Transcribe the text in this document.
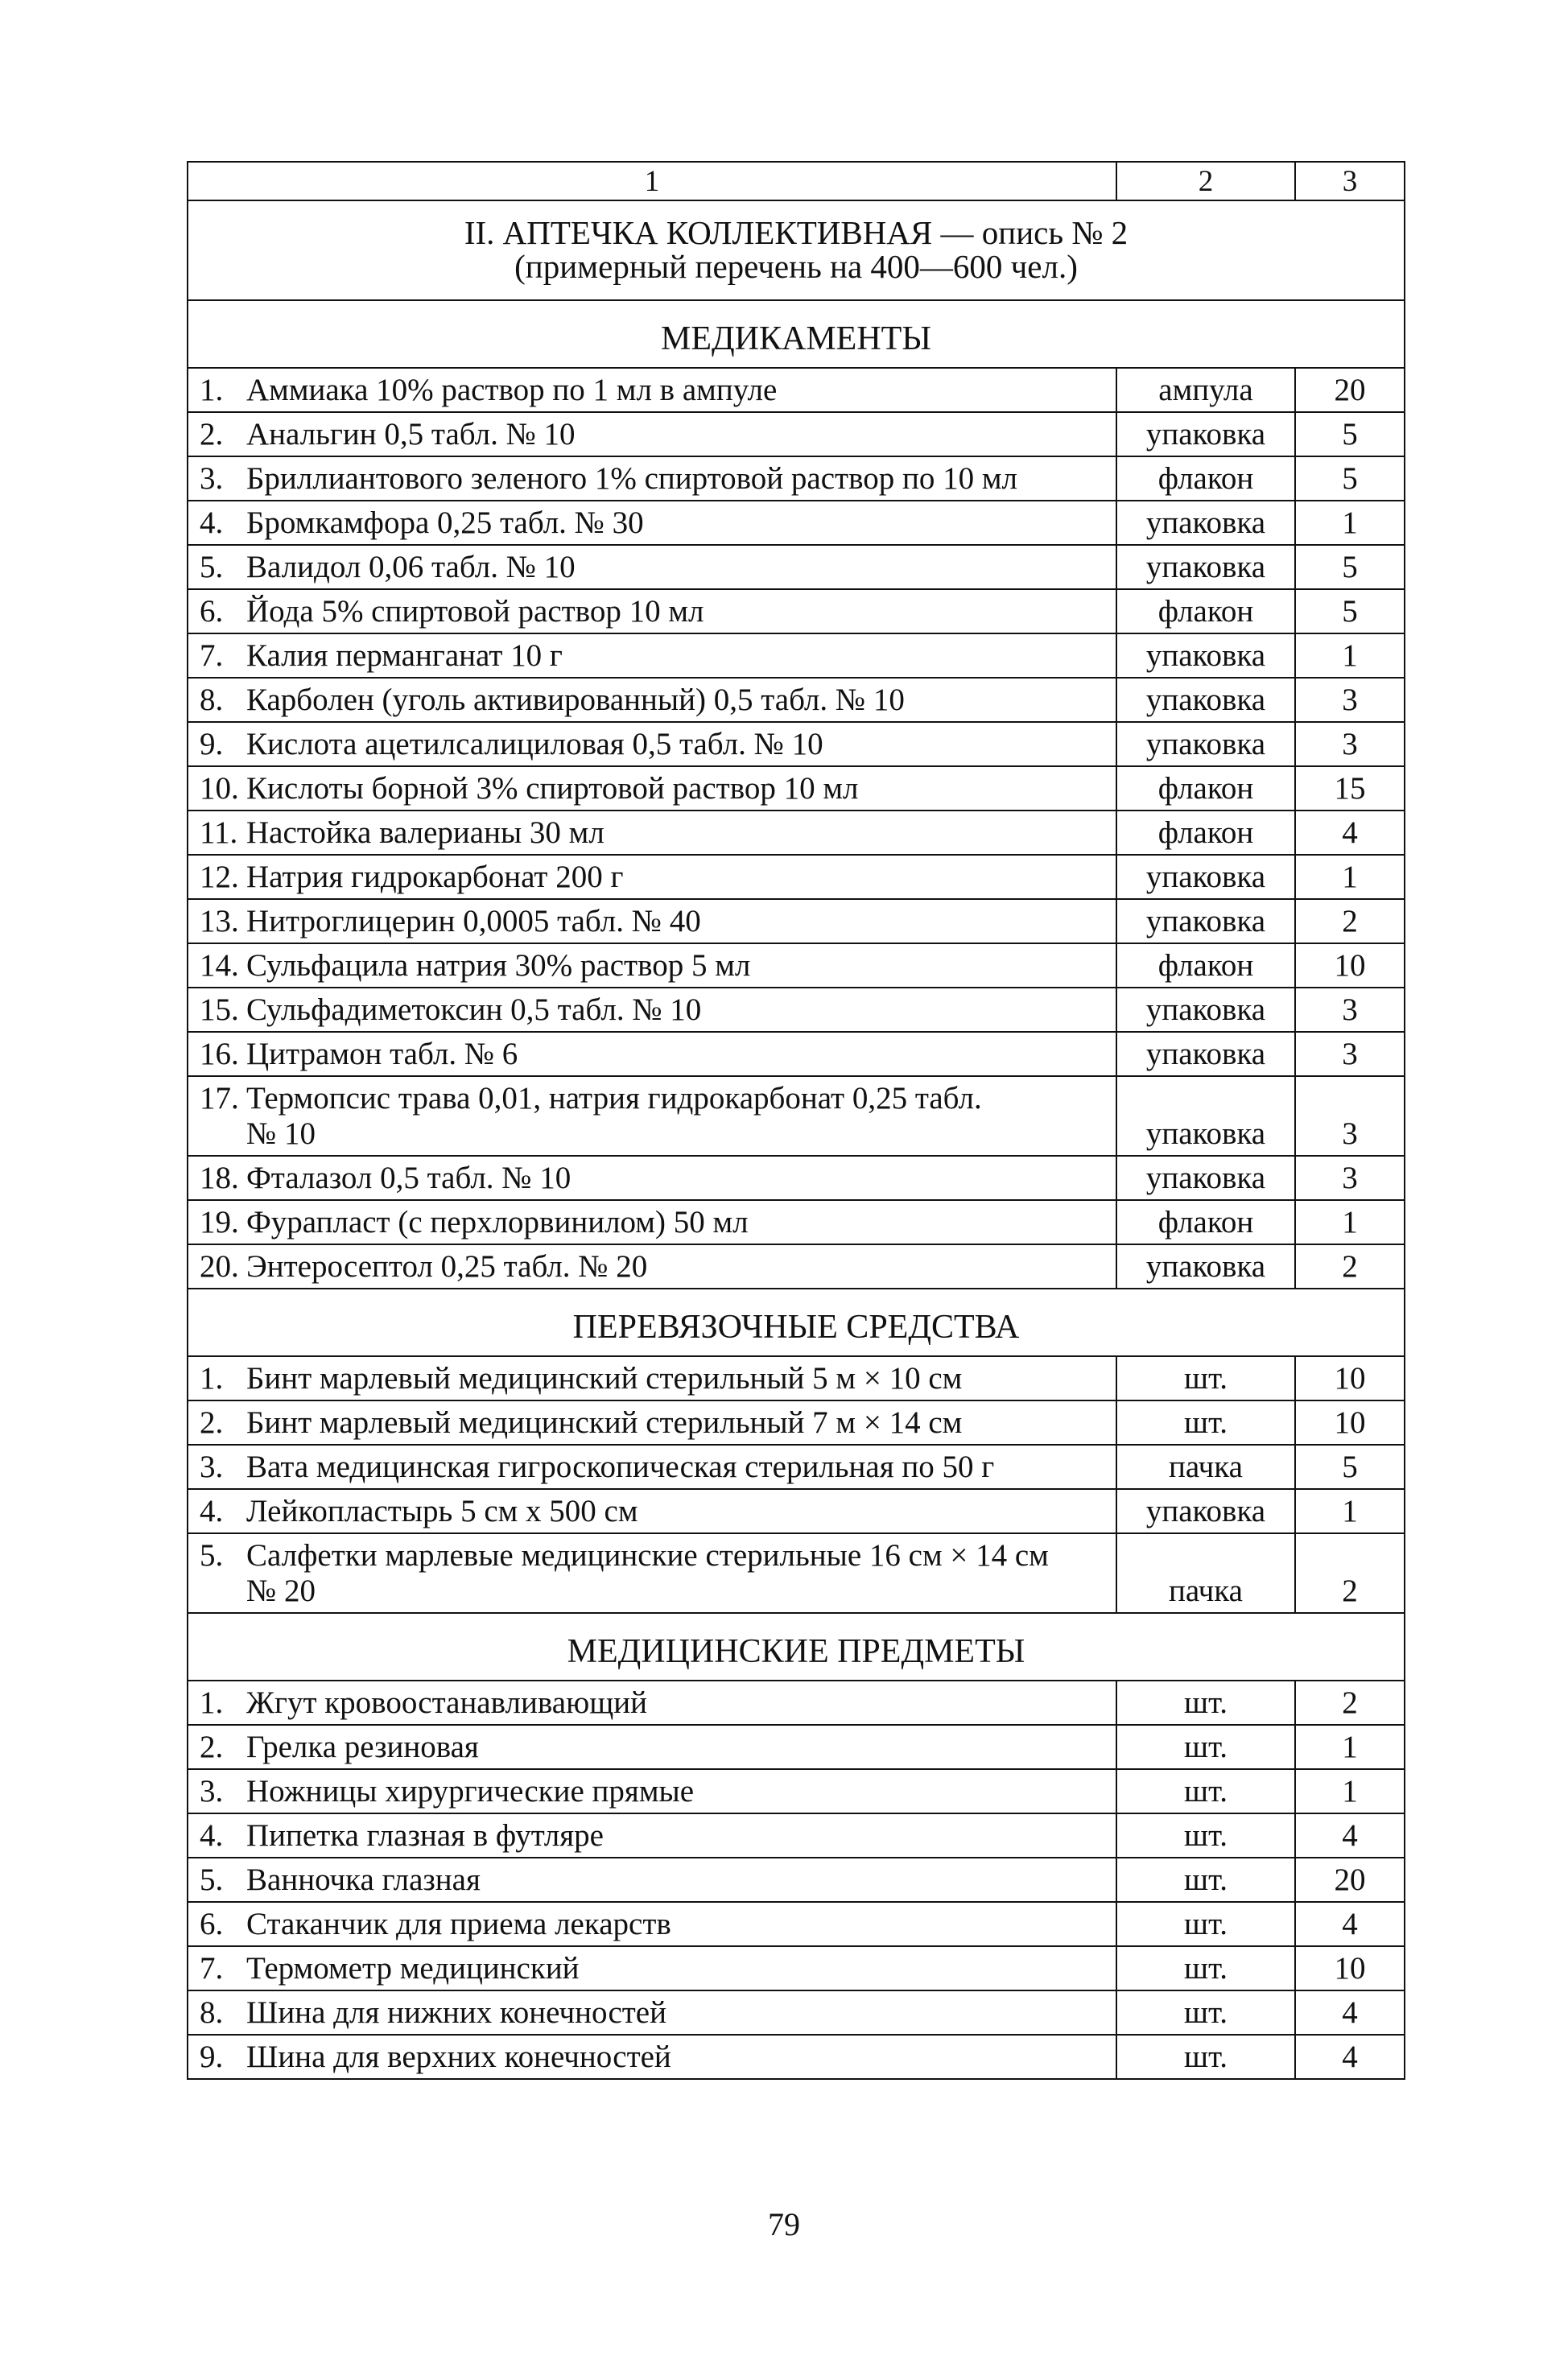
1	2	3

II. АПТЕЧКА КОЛЛЕКТИВНАЯ — опись № 2
(примерный перечень на 400—600 чел.)		

МЕДИКАМЕНТЫ		
1. Аммиака 10% раствор по 1 мл в ампуле	ампула	20
2. Анальгин 0,5 табл. № 10	упаковка	5
3. Бриллиантового зеленого 1% спиртовой раствор по 10 мл	флакон	5
4. Бромкамфора 0,25 табл. № 30	упаковка	1
5. Валидол 0,06 табл. № 10	упаковка	5
6. Йода 5% спиртовой раствор 10 мл	флакон	5
7. Калия перманганат 10 г	упаковка	1
8. Карболен (уголь активированный) 0,5 табл. № 10	упаковка	3
9. Кислота ацетилсалициловая 0,5 табл. № 10	упаковка	3
10. Кислоты борной 3% спиртовой раствор 10 мл	флакон	15
11. Настойка валерианы 30 мл	флакон	4
12. Натрия гидрокарбонат 200 г	упаковка	1
13. Нитроглицерин 0,0005 табл. № 40	упаковка	2
14. Сульфацила натрия 30% раствор 5 мл	флакон	10
15. Сульфадиметоксин 0,5 табл. № 10	упаковка	3
16. Цитрамон табл. № 6	упаковка	3
17. Термопсис трава 0,01, натрия гидрокарбонат 0,25 табл.
№ 10	упаковка	3
18. Фталазол 0,5 табл. № 10	упаковка	3
19. Фурапласт (с перхлорвинилом) 50 мл	флакон	1
20. Энтеросептол 0,25 табл. № 20	упаковка	2
ПЕРЕВЯЗОЧНЫЕ СРЕДСТВА		
1. Бинт марлевый медицинский стерильный 5 м × 10 см	шт.	10
2. Бинт марлевый медицинский стерильный 7 м × 14 см	шт.	10
3. Вата медицинская гигроскопическая стерильная по 50 г	пачка	5
4. Лейкопластырь 5 см х 500 см	упаковка	1
5. Салфетки марлевые медицинские стерильные 16 см × 14 см
№ 20	пачка	2
МЕДИЦИНСКИЕ ПРЕДМЕТЫ		
1. Жгут кровоостанавливающий	шт.	2
2. Грелка резиновая	шт.	1
3. Ножницы хирургические прямые	шт.	1
4. Пипетка глазная в футляре	шт.	4
5. Ванночка глазная	шт.	20
6. Стаканчик для приема лекарств	шт.	4
7. Термометр медицинский	шт.	10
8. Шина для нижних конечностей	шт.	4
9. Шина для верхних конечностей	шт.	4
79
